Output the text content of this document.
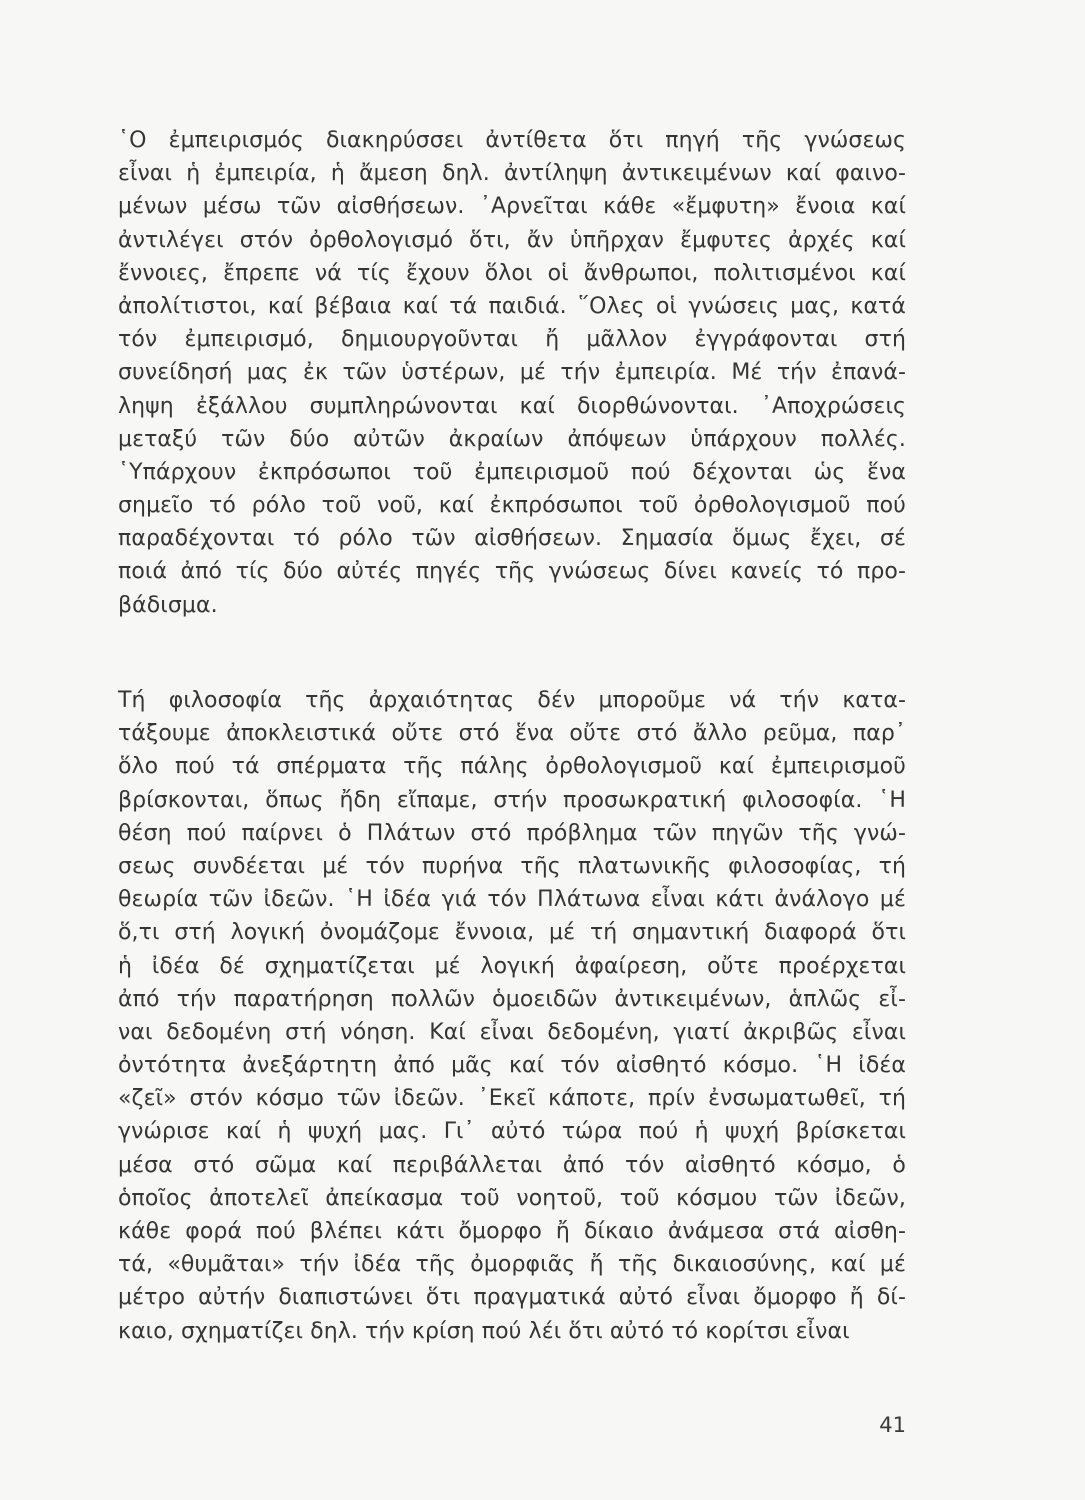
῾Ο ἐμπειρισμός διακηρύσσει ἀντίθετα ὅτι πηγή τῆς γνώσεως
εἶναι ἡ ἐμπειρία, ἡ ἄμεση δηλ. ἀντίληψη ἀντικειμένων καί φαινο-
μένων μέσω τῶν αἰσθήσεων. ᾿Αρνεῖται κάθε «ἔμφυτη» ἔνοια καί
ἀντιλέγει στόν ὀρθολογισμό ὅτι, ἄν ὑπῆρχαν ἔμφυτες ἀρχές καί
ἔννοιες, ἔπρεπε νά τίς ἔχουν ὅλοι οἱ ἄνθρωποι, πολιτισμένοι καί
ἀπολίτιστοι, καί βέβαια καί τά παιδιά. ῞Ολες οἱ γνώσεις μας, κατά
τόν ἐμπειρισμό, δημιουργοῦνται ἤ μᾶλλον ἐγγράφονται στή
συνείδησή μας ἐκ τῶν ὑστέρων, μέ τήν ἐμπειρία. Μέ τήν ἐπανά-
ληψη ἐξάλλου συμπληρώνονται καί διορθώνονται. ᾿Αποχρώσεις
μεταξύ τῶν δύο αὐτῶν ἀκραίων ἀπόψεων ὑπάρχουν πολλές.
῾Υπάρχουν ἐκπρόσωποι τοῦ ἐμπειρισμοῦ πού δέχονται ὡς ἕνα
σημεῖο τό ρόλο τοῦ νοῦ, καί ἐκπρόσωποι τοῦ ὀρθολογισμοῦ πού
παραδέχονται τό ρόλο τῶν αἰσθήσεων. Σημασία ὅμως ἔχει, σέ
ποιά ἀπό τίς δύο αὐτές πηγές τῆς γνώσεως δίνει κανείς τό προ-
βάδισμα.
Τή φιλοσοφία τῆς ἀρχαιότητας δέν μποροῦμε νά τήν κατα-
τάξουμε ἀποκλειστικά οὔτε στό ἕνα οὔτε στό ἄλλο ρεῦμα, παρ᾿
ὅλο πού τά σπέρματα τῆς πάλης ὀρθολογισμοῦ καί ἐμπειρισμοῦ
βρίσκονται, ὅπως ἤδη εἴπαμε, στήν προσωκρατική φιλοσοφία. ῾Η
θέση πού παίρνει ὁ Πλάτων στό πρόβλημα τῶν πηγῶν τῆς γνώ-
σεως συνδέεται μέ τόν πυρήνα τῆς πλατωνικῆς φιλοσοφίας, τή
θεωρία τῶν ἰδεῶν. ῾Η ἰδέα γιά τόν Πλάτωνα εἶναι κάτι ἀνάλογο μέ
ὅ,τι στή λογική ὀνομάζομε ἔννοια, μέ τή σημαντική διαφορά ὅτι
ἡ ἰδέα δέ σχηματίζεται μέ λογική ἀφαίρεση, οὔτε προέρχεται
ἀπό τήν παρατήρηση πολλῶν ὁμοειδῶν ἀντικειμένων, ἁπλῶς εἶ-
ναι δεδομένη στή νόηση. Καί εἶναι δεδομένη, γιατί ἀκριβῶς εἶναι
ὀντότητα ἀνεξάρτητη ἀπό μᾶς καί τόν αἰσθητό κόσμο. ῾Η ἰδέα
«ζεῖ» στόν κόσμο τῶν ἰδεῶν. ᾿Εκεῖ κάποτε, πρίν ἐνσωματωθεῖ, τή
γνώρισε καί ἡ ψυχή μας. Γι᾿ αὐτό τώρα πού ἡ ψυχή βρίσκεται
μέσα στό σῶμα καί περιβάλλεται ἀπό τόν αἰσθητό κόσμο, ὁ
ὁποῖος ἀποτελεῖ ἀπείκασμα τοῦ νοητοῦ, τοῦ κόσμου τῶν ἰδεῶν,
κάθε φορά πού βλέπει κάτι ὄμορφο ἤ δίκαιο ἀνάμεσα στά αἰσθη-
τά, «θυμᾶται» τήν ἰδέα τῆς ὀμορφιᾶς ἤ τῆς δικαιοσύνης, καί μέ
μέτρο αὐτήν διαπιστώνει ὅτι πραγματικά αὐτό εἶναι ὄμορφο ἤ δί-
καιο, σχηματίζει δηλ. τήν κρίση πού λέι ὅτι αὐτό τό κορίτσι εἶναι
41
